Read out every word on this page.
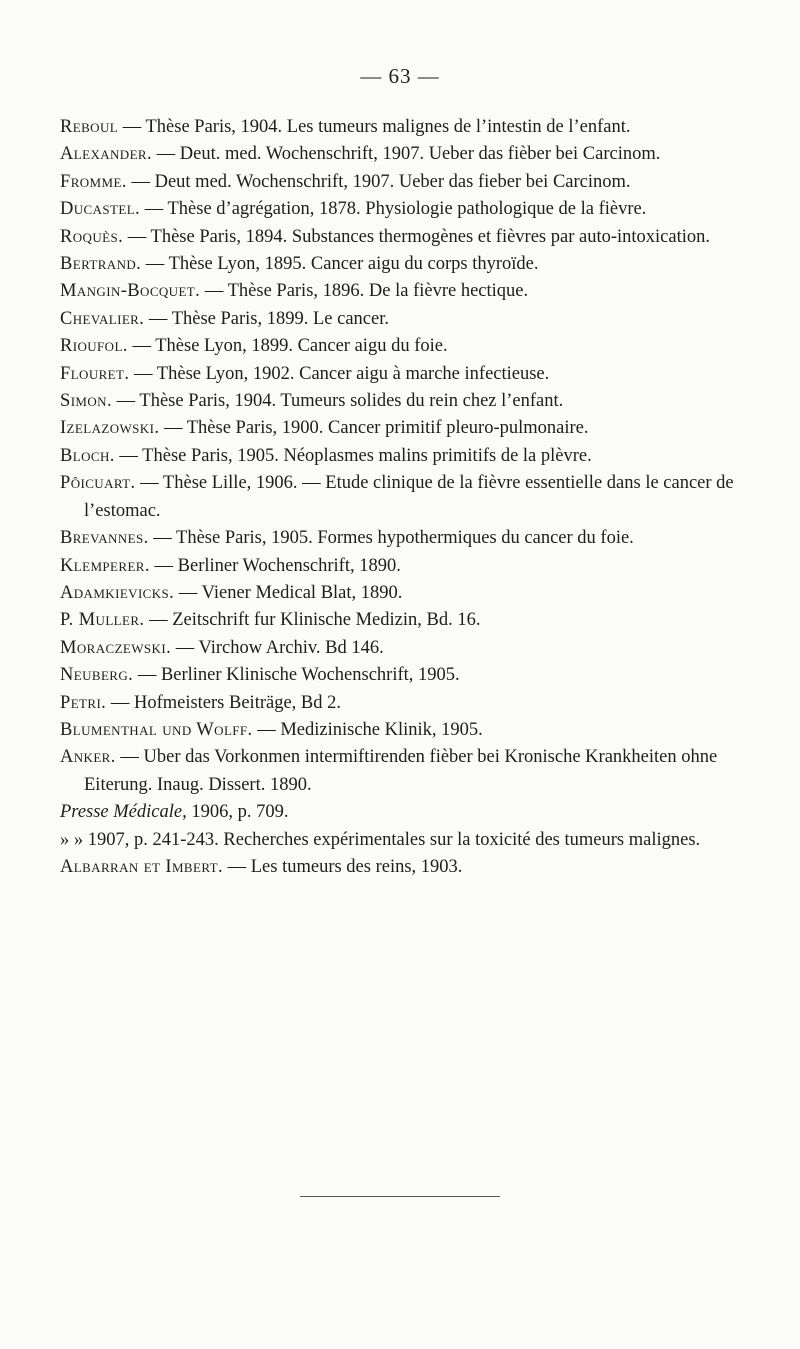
— 63 —
Reboul — Thèse Paris, 1904. Les tumeurs malignes de l’intestin de l’enfant.
Alexander. — Deut. med. Wochenschrift, 1907. Ueber das fièber bei Carcinom.
Fromme. — Deut med. Wochenschrift, 1907. Ueber das fieber bei Carcinom.
Ducastel. — Thèse d’agrégation, 1878. Physiologie pathologique de la fièvre.
Roquès. — Thèse Paris, 1894. Substances thermogènes et fièvres par auto-intoxication.
Bertrand. — Thèse Lyon, 1895. Cancer aigu du corps thyroïde.
Mangin-Bocquet. — Thèse Paris, 1896. De la fièvre hectique.
Chevalier. — Thèse Paris, 1899. Le cancer.
Rioufol. — Thèse Lyon, 1899. Cancer aigu du foie.
Flouret. — Thèse Lyon, 1902. Cancer aigu à marche infectieuse.
Simon. — Thèse Paris, 1904. Tumeurs solides du rein chez l’enfant.
Izelazowski. — Thèse Paris, 1900. Cancer primitif pleuro-pulmonaire.
Bloch. — Thèse Paris, 1905. Néoplasmes malins primitifs de la plèvre.
Pôicuart. — Thèse Lille, 1906. — Etude clinique de la fièvre essentielle dans le cancer de l’estomac.
Brevannes. — Thèse Paris, 1905. Formes hypothermiques du cancer du foie.
Klemperer. — Berliner Wochenschrift, 1890.
Adamkievicks. — Viener Medical Blat, 1890.
P. Muller. — Zeitschrift fur Klinische Medizin, Bd. 16.
Moraczewski. — Virchow Archiv. Bd 146.
Neuberg. — Berliner Klinische Wochenschrift, 1905.
Petri. — Hofmeisters Beiträge, Bd 2.
Blumenthal und Wolff. — Medizinische Klinik, 1905.
Anker. — Uber das Vorkonmen intermiftirenden fièber bei Kronische Krankheiten ohne Eiterung. Inaug. Dissert. 1890.
Presse Médicale, 1906, p. 709.
» » 1907, p. 241-243. Recherches expérimentales sur la toxicité des tumeurs malignes.
Albarran et Imbert. — Les tumeurs des reins, 1903.
